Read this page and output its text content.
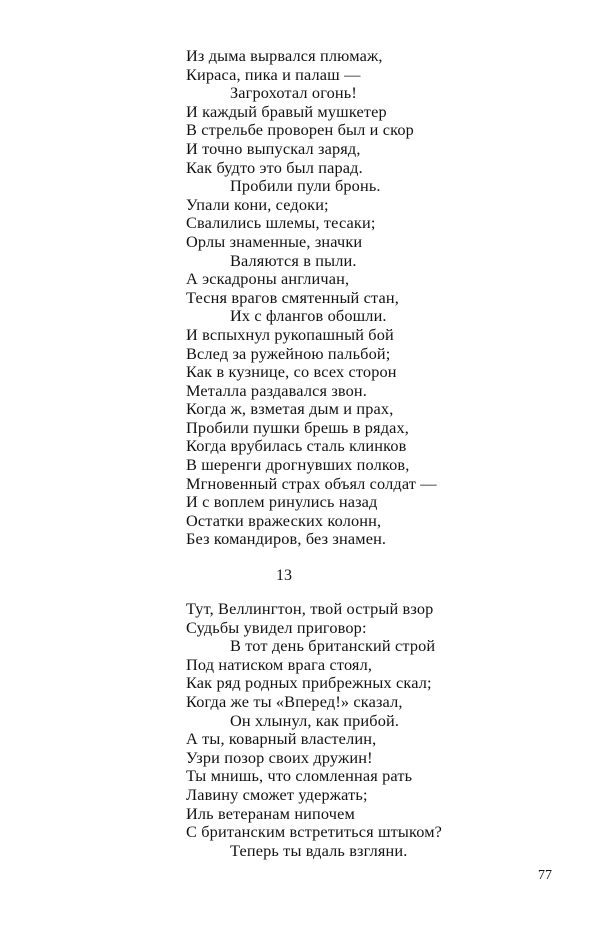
Из дыма вырвался плюмаж,
Кираса, пика и палаш —
Загрохотал огонь!
И каждый бравый мушкетер
В стрельбе проворен был и скор
И точно выпускал заряд,
Как будто это был парад.
Пробили пули бронь.
Упали кони, седоки;
Свалились шлемы, тесаки;
Орлы знаменные, значки
Валяются в пыли.
А эскадроны англичан,
Тесня врагов смятенный стан,
Их с флангов обошли.
И вспыхнул рукопашный бой
Вслед за ружейною пальбой;
Как в кузнице, со всех сторон
Металла раздавался звон.
Когда ж, взметая дым и прах,
Пробили пушки брешь в рядах,
Когда врубилась сталь клинков
В шеренги дрогнувших полков,
Мгновенный страх объял солдат —
И с воплем ринулись назад
Остатки вражеских колонн,
Без командиров, без знамен.
13
Тут, Веллингтон, твой острый взор
Судьбы увидел приговор:
В тот день британский строй
Под натиском врага стоял,
Как ряд родных прибрежных скал;
Когда же ты «Вперед!» сказал,
Он хлынул, как прибой.
А ты, коварный властелин,
Узри позор своих дружин!
Ты мнишь, что сломленная рать
Лавину сможет удержать;
Иль ветеранам нипочем
С британским встретиться штыком?
Теперь ты вдаль взгляни.
77
